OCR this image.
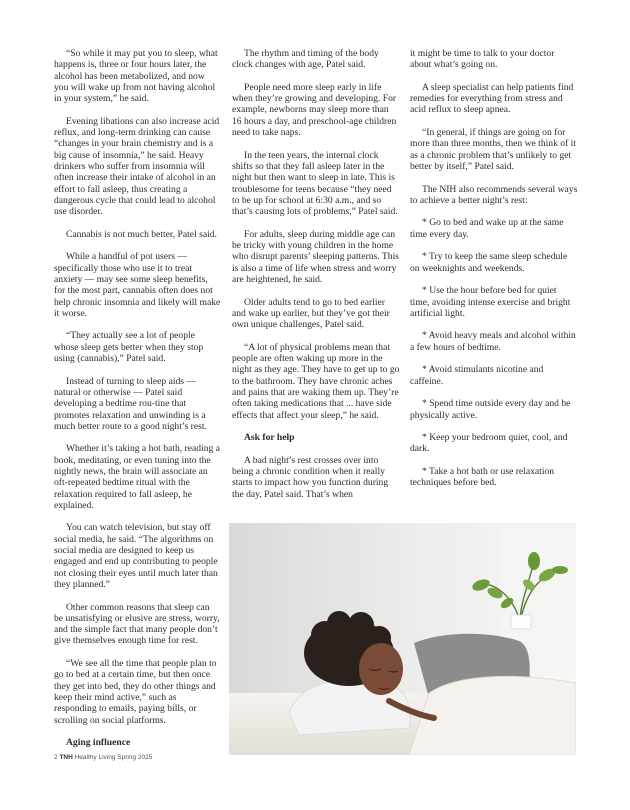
“So while it may put you to sleep, what happens is, three or four hours later, the alcohol has been metabolized, and now you will wake up from not having alcohol in your system,” he said.

Evening libations can also increase acid reflux, and long-term drinking can cause “changes in your brain chemistry and is a big cause of insomnia,” he said. Heavy drinkers who suffer from insomnia will often increase their intake of alcohol in an effort to fall asleep, thus creating a dangerous cycle that could lead to alcohol use disorder.

Cannabis is not much better, Patel said.

While a handful of pot users — specifically those who use it to treat anxiety — may see some sleep benefits, for the most part, cannabis often does not help chronic insomnia and likely will make it worse.

“They actually see a lot of people whose sleep gets better when they stop using (cannabis),” Patel said.

Instead of turning to sleep aids — natural or otherwise — Patel said developing a bedtime rou-tine that promotes relaxation and unwinding is a much better route to a good night’s rest.

Whether it’s taking a hot bath, reading a book, meditating, or even tuning into the nightly news, the brain will associate an oft-repeated bedtime ritual with the relaxation required to fall asleep, he explained.

You can watch television, but stay off social media, he said. “The algorithms on social media are designed to keep us engaged and end up contributing to people not closing their eyes until much later than they planned.”

Other common reasons that sleep can be unsatisfying or elusive are stress, worry, and the simple fact that many people don’t give themselves enough time for rest.

“We see all the time that people plan to go to bed at a certain time, but then once they get into bed, they do other things and keep their mind active,” such as responding to emails, paying bills, or scrolling on social platforms.

Aging influence

The rhythm and timing of the body clock changes with age, Patel said.

People need more sleep early in life when they’re growing and developing. For example, newborns may sleep more than 16 hours a day, and preschool-age children need to take naps.

In the teen years, the internal clock shifts so that they fall asleep later in the night but then want to sleep in late. This is troublesome for teens because “they need to be up for school at 6:30 a.m., and so that’s causing lots of problems,” Patel said.

For adults, sleep during middle age can be tricky with young children in the home who disrupt parents’ sleeping patterns. This is also a time of life when stress and worry are heightened, he said.

Older adults tend to go to bed earlier and wake up earlier, but they’ve got their own unique challenges, Patel said.

“A lot of physical problems mean that people are often waking up more in the night as they age. They have to get up to go to the bathroom. They have chronic aches and pains that are waking them up. They’re often taking medications that ... have side effects that affect your sleep,” he said.

Ask for help

A bad night’s rest crosses over into being a chronic condition when it really starts to impact how you function during the day, Patel said. That’s when

it might be time to talk to your doctor about what’s going on.

A sleep specialist can help patients find remedies for everything from stress and acid reflux to sleep apnea.

“In general, if things are going on for more than three months, then we think of it as a chronic problem that’s unlikely to get better by itself,” Patel said.

The NIH also recommends several ways to achieve a better night’s rest:

* Go to bed and wake up at the same time every day.

* Try to keep the same sleep schedule on weeknights and weekends.

* Use the hour before bed for quiet time, avoiding intense exercise and bright artificial light.

* Avoid heavy meals and alcohol within a few hours of bedtime.

* Avoid stimulants nicotine and caffeine.

* Spend time outside every day and be physically active.

* Keep your bedroom quiet, cool, and dark.

* Take a hot bath or use relaxation techniques before bed.

2 TNH Healthy Living Spring 2025
